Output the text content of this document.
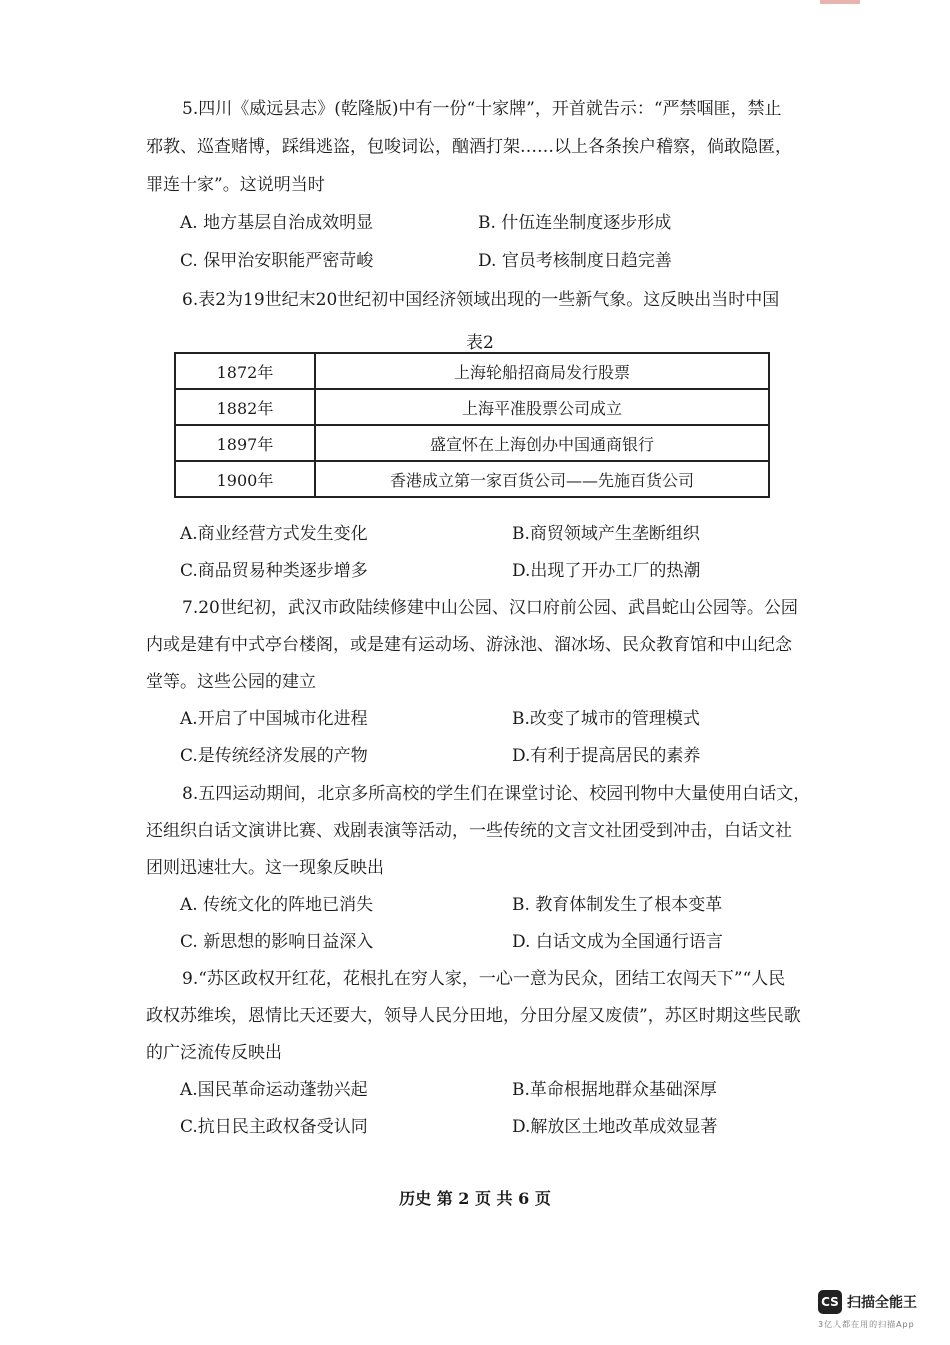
5.四川《威远县志》(乾隆版)中有一份“十家牌”，开首就告示：“严禁啯匪，禁止
邪教、巡查赌博，踩缉逃盗，包唆词讼，酗酒打架……以上各条挨户稽察，倘敢隐匿，
罪连十家”。这说明当时
A. 地方基层自治成效明显	B. 什伍连坐制度逐步形成
C. 保甲治安职能严密苛峻	D. 官员考核制度日趋完善
6.表2为19世纪末20世纪初中国经济领域出现的一些新气象。这反映出当时中国
表2
1872年	上海轮船招商局发行股票
1882年	上海平准股票公司成立
1897年	盛宣怀在上海创办中国通商银行
1900年	香港成立第一家百货公司——先施百货公司
A.商业经营方式发生变化	B.商贸领域产生垄断组织
C.商品贸易种类逐步增多	D.出现了开办工厂的热潮
7.20世纪初，武汉市政陆续修建中山公园、汉口府前公园、武昌蛇山公园等。公园
内或是建有中式亭台楼阁，或是建有运动场、游泳池、溜冰场、民众教育馆和中山纪念
堂等。这些公园的建立
A.开启了中国城市化进程	B.改变了城市的管理模式
C.是传统经济发展的产物	D.有利于提高居民的素养
8.五四运动期间，北京多所高校的学生们在课堂讨论、校园刊物中大量使用白话文，
还组织白话文演讲比赛、戏剧表演等活动，一些传统的文言文社团受到冲击，白话文社
团则迅速壮大。这一现象反映出
A. 传统文化的阵地已消失	B. 教育体制发生了根本变革
C. 新思想的影响日益深入	D. 白话文成为全国通行语言
9.“苏区政权开红花，花根扎在穷人家，一心一意为民众，团结工农闯天下”“人民
政权苏维埃，恩情比天还要大，领导人民分田地，分田分屋又废债”，苏区时期这些民歌
的广泛流传反映出
A.国民革命运动蓬勃兴起	B.革命根据地群众基础深厚
C.抗日民主政权备受认同	D.解放区土地改革成效显著
历史 第 2 页 共 6 页
CS 扫描全能王
3亿人都在用的扫描App
